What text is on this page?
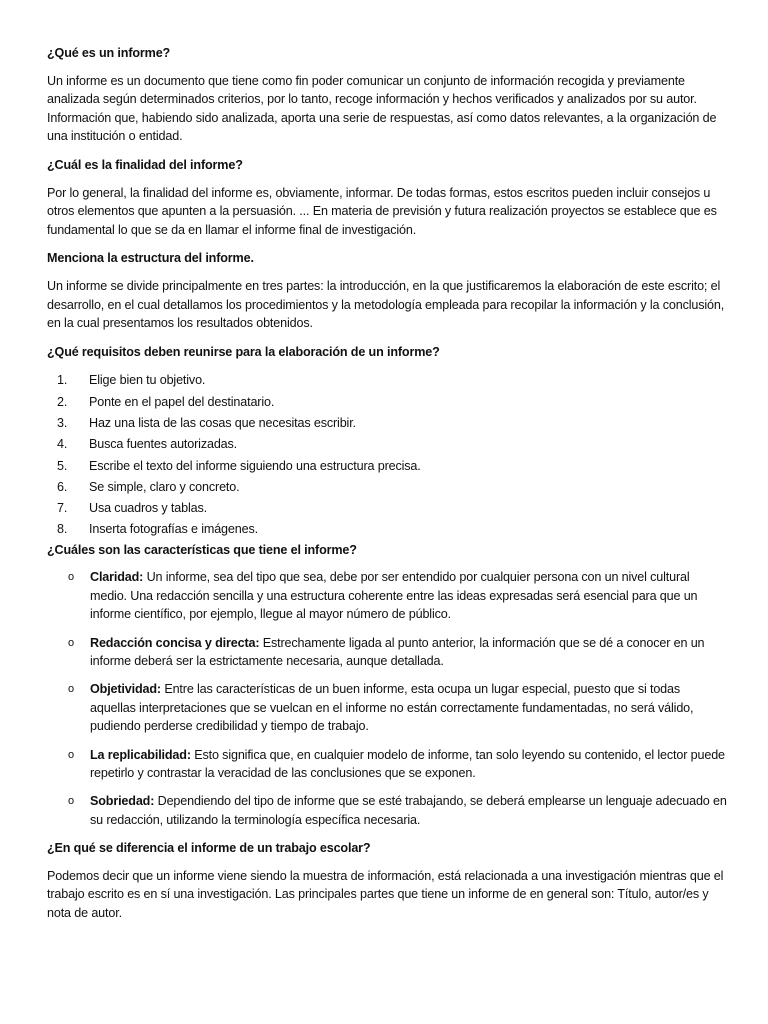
¿Qué es un informe?

Un informe es un documento que tiene como fin poder comunicar un conjunto de información recogida y previamente analizada según determinados criterios, por lo tanto, recoge información y hechos verificados y analizados por su autor. Información que, habiendo sido analizada, aporta una serie de respuestas, así como datos relevantes, a la organización de una institución o entidad.

¿Cuál es la finalidad del informe?

Por lo general, la finalidad del informe es, obviamente, informar. De todas formas, estos escritos pueden incluir consejos u otros elementos que apunten a la persuasión. ... En materia de previsión y futura realización proyectos se establece que es fundamental lo que se da en llamar el informe final de investigación.

Menciona la estructura del informe.

Un informe se divide principalmente en tres partes: la introducción, en la que justificaremos la elaboración de este escrito; el desarrollo, en el cual detallamos los procedimientos y la metodología empleada para recopilar la información y la conclusión, en la cual presentamos los resultados obtenidos.

¿Qué requisitos deben reunirse para la elaboración de un informe?
1. Elige bien tu objetivo.
2. Ponte en el papel del destinatario.
3. Haz una lista de las cosas que necesitas escribir.
4. Busca fuentes autorizadas.
5. Escribe el texto del informe siguiendo una estructura precisa.
6. Se simple, claro y concreto.
7. Usa cuadros y tablas.
8. Inserta fotografías e imágenes.
¿Cuáles son las características que tiene el informe?
o Claridad: Un informe, sea del tipo que sea, debe por ser entendido por cualquier persona con un nivel cultural medio. Una redacción sencilla y una estructura coherente entre las ideas expresadas será esencial para que un informe científico, por ejemplo, llegue al mayor número de público.
o Redacción concisa y directa: Estrechamente ligada al punto anterior, la información que se dé a conocer en un informe deberá ser la estrictamente necesaria, aunque detallada.
o Objetividad: Entre las características de un buen informe, esta ocupa un lugar especial, puesto que si todas aquellas interpretaciones que se vuelcan en el informe no están correctamente fundamentadas, no será válido, pudiendo perderse credibilidad y tiempo de trabajo.
o La replicabilidad: Esto significa que, en cualquier modelo de informe, tan solo leyendo su contenido, el lector puede repetirlo y contrastar la veracidad de las conclusiones que se exponen.
o Sobriedad: Dependiendo del tipo de informe que se esté trabajando, se deberá emplearse un lenguaje adecuado en su redacción, utilizando la terminología específica necesaria.
¿En qué se diferencia el informe de un trabajo escolar?

Podemos decir que un informe viene siendo la muestra de información, está relacionada a una investigación mientras que el trabajo escrito es en sí una investigación. Las principales partes que tiene un informe de en general son: Título, autor/es y nota de autor.
